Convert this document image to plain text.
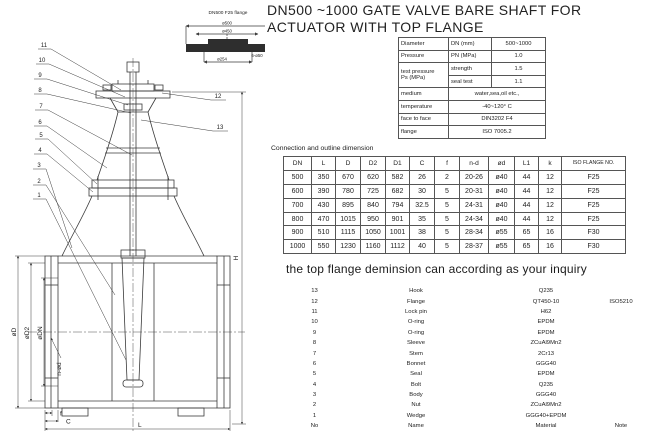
DN500 F25 flange
ø500
ø450
ø254
6-ø50
11
10
9
8
7
6
5
4
3
2
1
12
13
H
øD øD2 øDN
n-ød
f
C	L
DN500 ~1000 GATE VALVE BARE SHAFT FOR
ACTUATOR WITH TOP FLANGE
Diameter	DN (mm)	500~1000
Pressure	PN (MPa)	1.0

test pressure
Ps (MPa)	strength	1.5
	seal test	1.1
medium	water,sea,oil etc.,	
temperature	-40~120° C	
face to face	DIN3202 F4	
flange	ISO 7005.2	
Connection and outline dimension
DN	L	D	D2	D1	C	f	n-d	ød	L1	k	ISO FLANGE NO.
500	350	670	620	582	26	2	20-26	ø40	44	12	F25
600	390	780	725	682	30	5	20-31	ø40	44	12	F25
700	430	895	840	794	32.5	5	24-31	ø40	44	12	F25
800	470	1015	950	901	35	5	24-34	ø40	44	12	F25
900	510	1115	1050	1001	38	5	28-34	ø55	65	16	F30
1000	550	1230	1160	1112	40	5	28-37	ø55	65	16	F30
the top flange deminsion can according as your inquiry
13	Hook	Q235
12	Flange	QT450-10	ISO5210
11	Lock pin	H62
10	O-ring	EPDM
9	O-ring	EPDM
8	Sleeve	ZCuAl9Mn2
7	Stem	2Cr13
6	Bonnet	GGG40
5	Seal	EPDM
4	Bolt	Q235
3	Body	GGG40
2	Nut	ZCuAl9Mn2
1	Wedge	GGG40+EPDM
No	Name	Material	Note
